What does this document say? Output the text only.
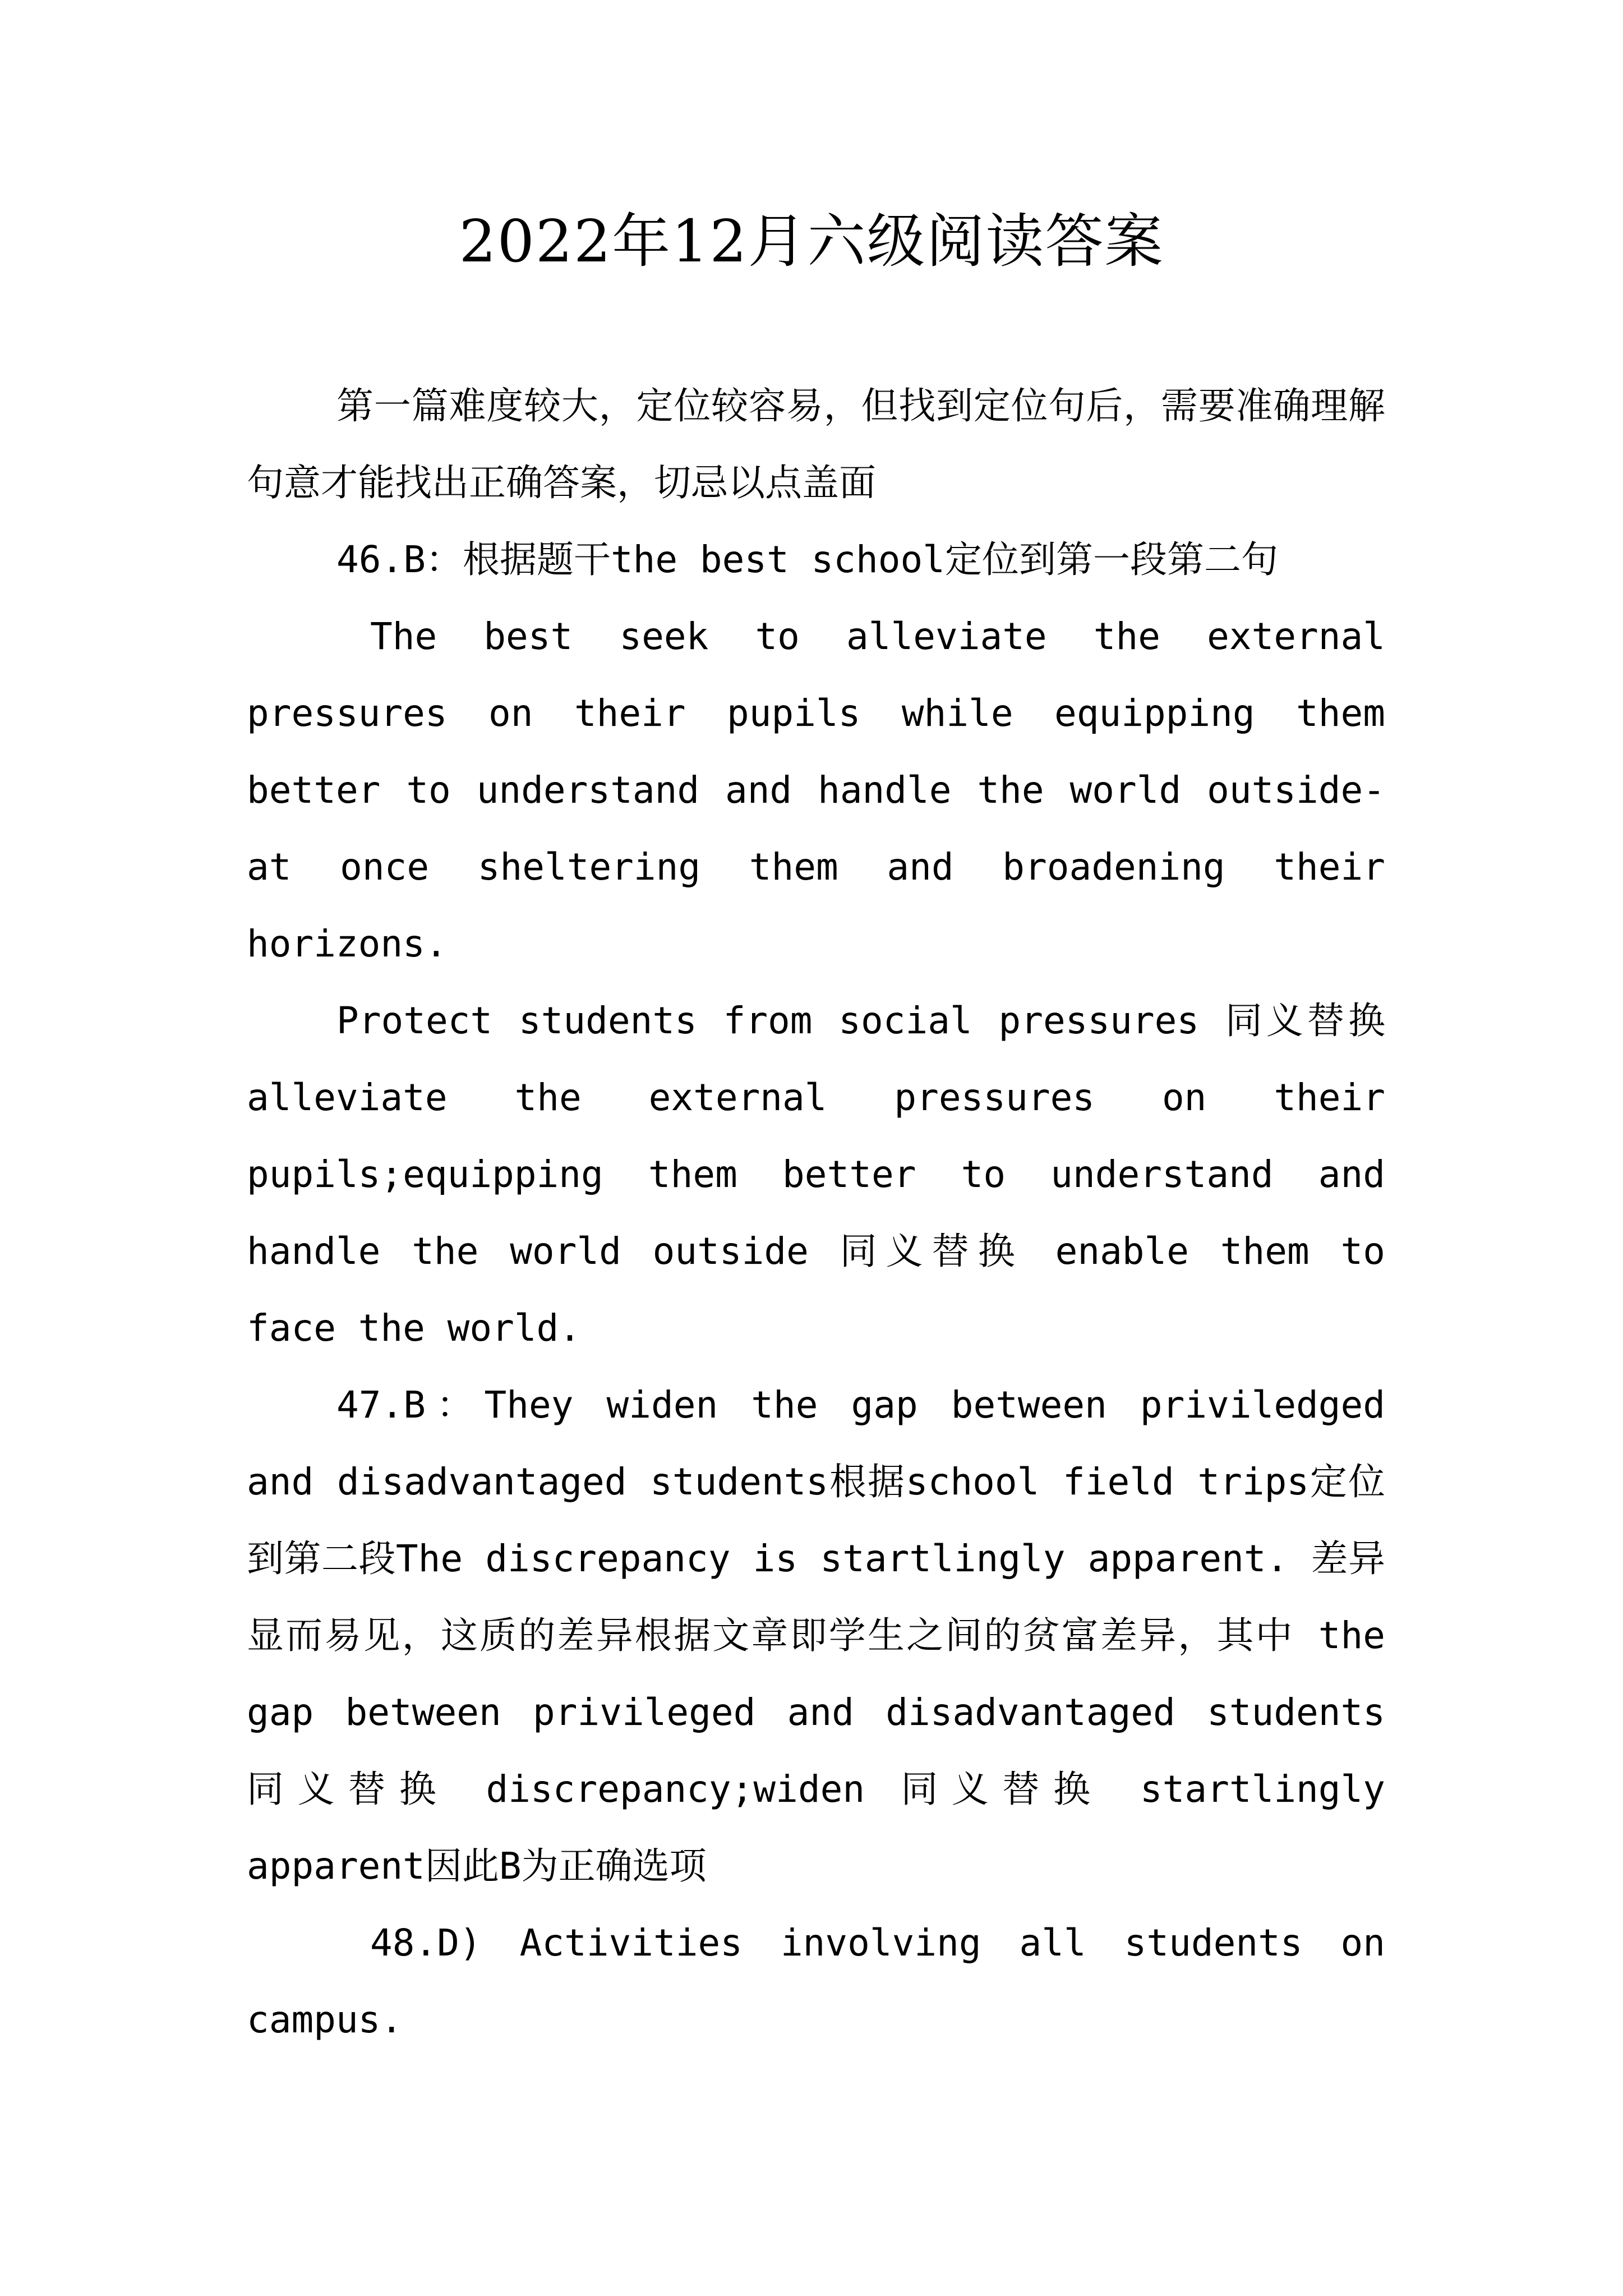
2022年12月六级阅读答案

第一篇难度较大，定位较容易，但找到定位句后，需要准确理解句意才能找出正确答案，切忌以点盖面

46.B：根据题干the best school定位到第一段第二句

The best seek to alleviate the external pressures on their pupils while equipping them better to understand and handle the world outside-at once sheltering them and broadening their horizons.

Protect students from social pressures 同义替换 alleviate the external pressures on their pupils;equipping them better to understand and handle the world outside 同义替换 enable them to face the world.

47.B：They widen the gap between priviledged and disadvantaged students根据school field trips定位到第二段The discrepancy is startlingly apparent. 差异显而易见，这质的差异根据文章即学生之间的贫富差异，其中 the gap between privileged and disadvantaged students 同义替换 discrepancy;widen 同义替换 startlingly apparent因此B为正确选项

48.D) Activities involving all students on campus.
